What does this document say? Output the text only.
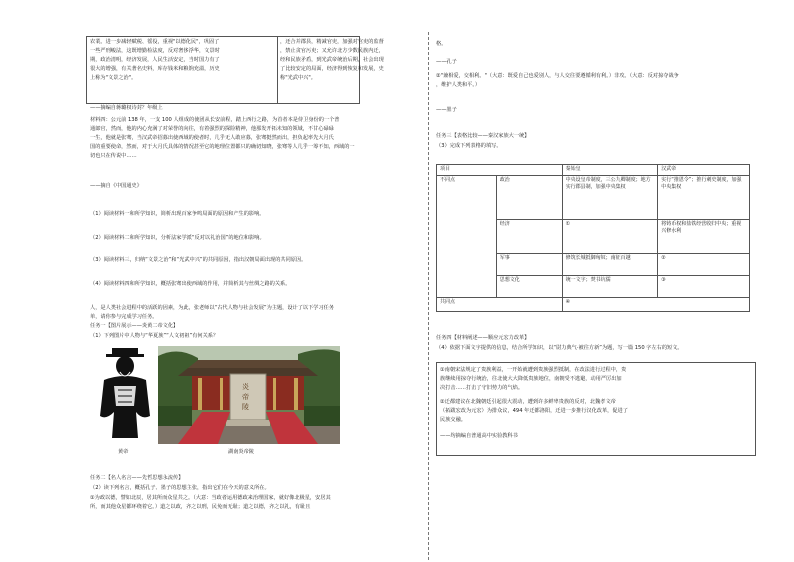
农業。进一步减轻赋税、徭役，重视"以德化民"，巩固了
一些严刑峻法，这既增勤检法度，反对奢侈浮华，文景时
期，政治清明，经济发展，人民生活安定，当时国力有了
很大的增强，有关著名史料，库存钱米和粮饷充溢，历史
上称为"文景之治"。
，还合并郡县，精减官吏，加强对官吏的监督
，禁止贪官污吏；又允许北方少数民族内迁，
经和民族矛盾，到光武帝统治后期，社会出现
了比较安定的局面，经济得到恢复和发展，史
称"光武中兴"。
——摘编自蒋璐权诗封？年级上
材料四：公元前 138 年，一支 100 人组成的使团从长安前程，踏上西行之路，为首者本是侍卫身份的一个普
通郎官，然而，他的内心充满了对荣誉的向往，有着强烈的探险精神，他那发开拓未知的领域，不甘心碌碌
一生，他就是张骞，当汉武帝招募出使西域的使者时，几乎无人敢应募，张骞挺然而出，担负起率先大月氏
国的重要使命，然而，对于大月氏具体的情况甚至它的地理位置都只的确切知晓，张骞等人几乎一筹不知，西域的一
切也只在传说中……
——摘自《中国通史》
（1）阅读材料一和所学知识，简析出现百家争鸣局面的原因和产生的影响。
（2）阅读材料二和所学知识，分析法家学派“反对以礼治国”的地位和影响。
（3）阅读材料三，归纳“文景之治”和“光武中兴”的共同原因，指出汉朝局面出现的共同原因。
（4）阅读材料四和所学知识，概括张骞出使西域的作用，并简析其与丝绸之路的关系。
人，是人类社会进程中的活跃的因素，为此，张老师以“古代人物与社会发展”为主题，设计了以下学习任务
单，请你参与完成学习任务。
任务一【图片展示——炎黄二帝文化】
（1）下列图片中人物与“华夏族”“人文初祖”有何关系？
黄帝
炎帝陵
湖南炎帝陵
任务二【名人名言——先哲思想永流传】
（2）读下列名言，概括孔子、墨子的思想主张，指出它们在今天的意义所在。
①为政以德，譬如北辰，居其所而众星共之。（大意：当政者运用德政来治理国家，就好像北极星，安居其
所，而其他众星都环绕着它。）道之以政，齐之以刑，民免而无耻；道之以德，齐之以礼，有耻且
格。
——孔子
②"兼相爱，交相利。"（大意：既爱自己也爱别人，与人交往要遵循利有利。）非攻。（大意：反对掠夺战争
，维护人类和平。）
——墨子
任务三【表格比较——秦汉家族大一统】
（3）完成下列表格的填写。
项目		秦始皇	汉武帝
不同点	政治	中央设皇帝制度，三公九卿制度；地方实行郡县制，加强中央集权	实行“推恩令”；推行刺史制度，加强中央集权
	经济	①	将铸币权和盐铁经营收归中央；重视兴修水利
	军事	修筑长城抵御匈奴；南征百越	②
	思想文化	统一文字；焚书坑儒	③
共同点		④	
任务四【材料阐述——顺应元宏力改革】
（4）依据下面文字提供的信息，结合所学知识，以“尉力典气·被往方新”为题，写一篇 150 字左右的短文。
①南朝宋法规定了贵族利益，一开始就遭到贵族强烈抵制，在改法进行过程中，贵
族继续用掠夺行统治，往北使大大降低贵族地位，南朝受不逃避，动用严厉出加
决打击……打击了守旧势力的气焰。
②迁都建议在北魏朝廷引起很大震动，遭到许多鲜卑贵族的反对，北魏孝文帝
（拓跋宏改为元宏）为排众议，494 年迁都洛阳，迁进一步推行汉化改革，促进了
民族交融。
——均摘编自普通高中实验教科书
